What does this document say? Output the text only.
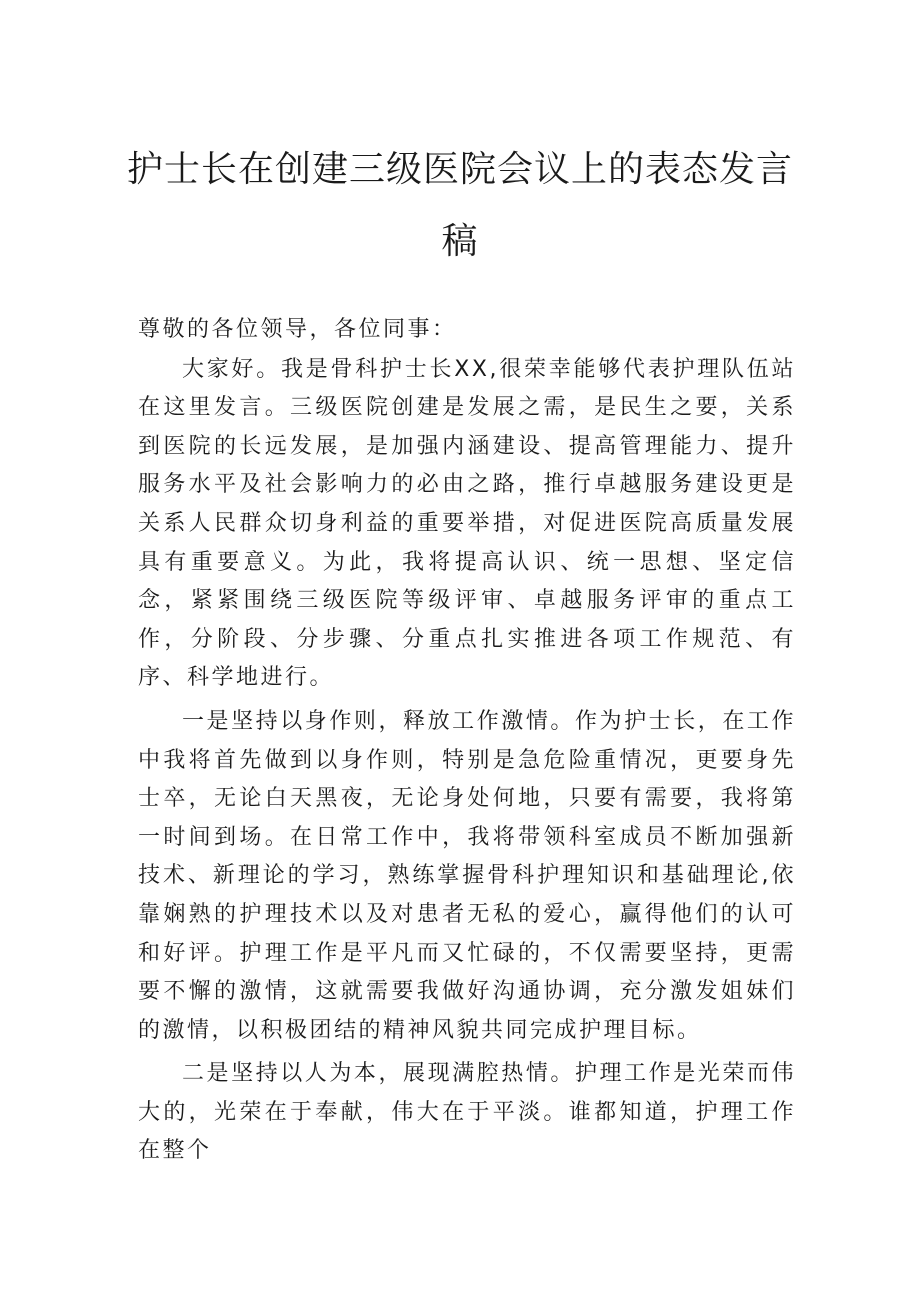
护士长在创建三级医院会议上的表态发言
稿

尊敬的各位领导，各位同事：

大家好。我是骨科护士长XX,很荣幸能够代表护理队伍站在这里发言。三级医院创建是发展之需，是民生之要，关系到医院的长远发展，是加强内涵建设、提高管理能力、提升服务水平及社会影响力的必由之路，推行卓越服务建设更是关系人民群众切身利益的重要举措，对促进医院高质量发展具有重要意义。为此，我将提高认识、统一思想、坚定信念，紧紧围绕三级医院等级评审、卓越服务评审的重点工作，分阶段、分步骤、分重点扎实推进各项工作规范、有序、科学地进行。

一是坚持以身作则，释放工作激情。作为护士长，在工作中我将首先做到以身作则，特别是急危险重情况，更要身先士卒，无论白天黑夜，无论身处何地，只要有需要，我将第一时间到场。在日常工作中，我将带领科室成员不断加强新技术、新理论的学习，熟练掌握骨科护理知识和基础理论,依靠娴熟的护理技术以及对患者无私的爱心，赢得他们的认可和好评。护理工作是平凡而又忙碌的，不仅需要坚持，更需要不懈的激情，这就需要我做好沟通协调，充分激发姐妹们的激情，以积极团结的精神风貌共同完成护理目标。

二是坚持以人为本，展现满腔热情。护理工作是光荣而伟大的，光荣在于奉献，伟大在于平淡。谁都知道，护理工作在整个
